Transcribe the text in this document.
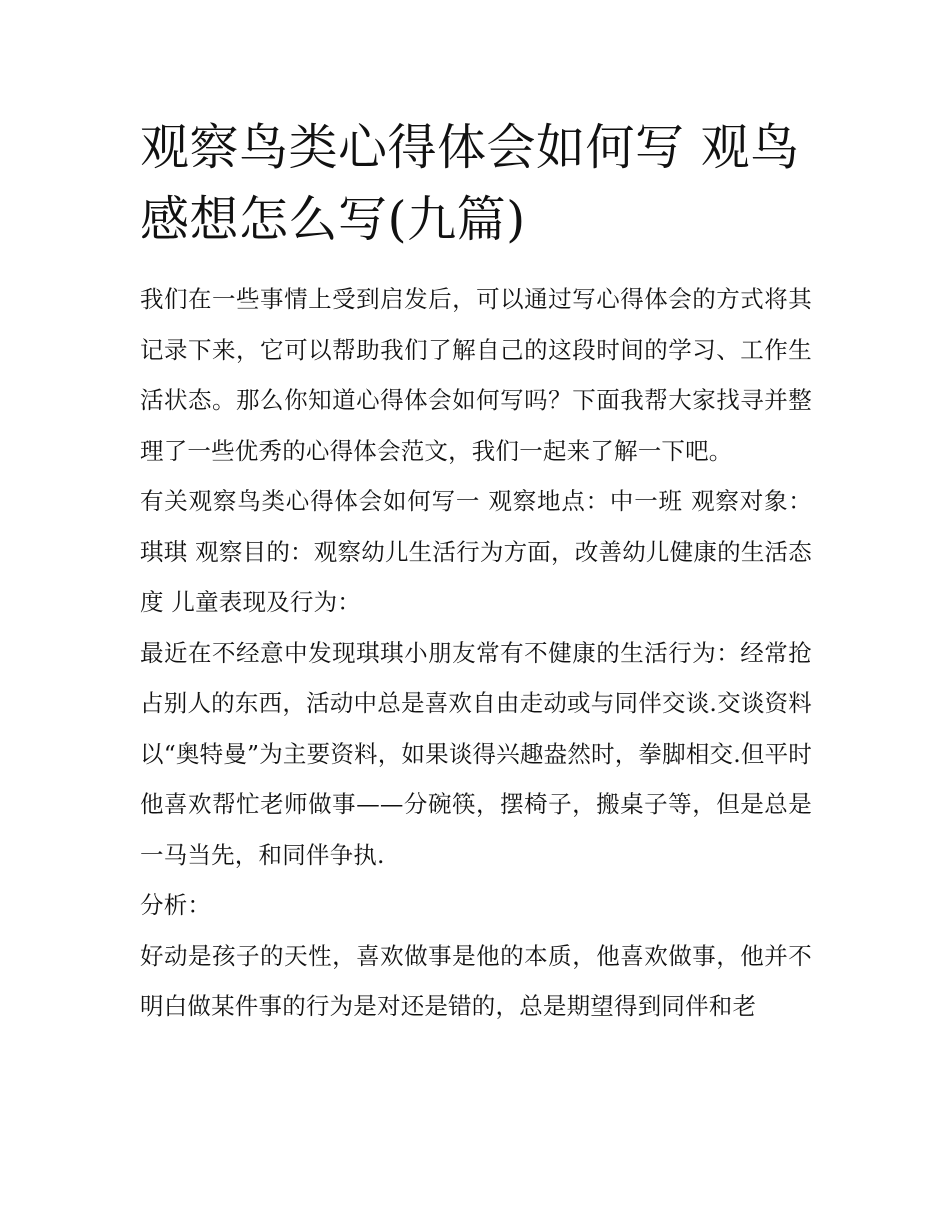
观察鸟类心得体会如何写 观鸟感想怎么写(九篇)

我们在一些事情上受到启发后，可以通过写心得体会的方式将其记录下来，它可以帮助我们了解自己的这段时间的学习、工作生活状态。那么你知道心得体会如何写吗？下面我帮大家找寻并整理了一些优秀的心得体会范文，我们一起来了解一下吧。

有关观察鸟类心得体会如何写一 观察地点：中一班 观察对象：琪琪 观察目的：观察幼儿生活行为方面，改善幼儿健康的生活态度 儿童表现及行为：

最近在不经意中发现琪琪小朋友常有不健康的生活行为：经常抢占别人的东西，活动中总是喜欢自由走动或与同伴交谈.交谈资料以“奥特曼”为主要资料，如果谈得兴趣盎然时，拳脚相交.但平时他喜欢帮忙老师做事——分碗筷，摆椅子，搬桌子等，但是总是一马当先，和同伴争执.

分析：

好动是孩子的天性，喜欢做事是他的本质，他喜欢做事，他并不明白做某件事的行为是对还是错的，总是期望得到同伴和老
